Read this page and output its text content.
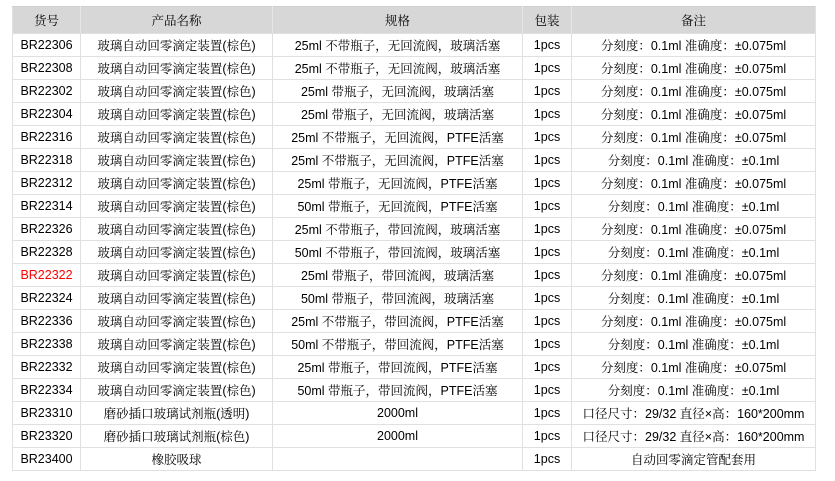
货号	产品名称	规格	包装	备注
BR22306	玻璃自动回零滴定装置(棕色)	25ml 不带瓶子，无回流阀，玻璃活塞	1pcs	分刻度：0.1ml 准确度：±0.075ml
BR22308	玻璃自动回零滴定装置(棕色)	25ml 不带瓶子，无回流阀，玻璃活塞	1pcs	分刻度：0.1ml 准确度：±0.075ml
BR22302	玻璃自动回零滴定装置(棕色)	25ml 带瓶子，无回流阀，玻璃活塞	1pcs	分刻度：0.1ml 准确度：±0.075ml
BR22304	玻璃自动回零滴定装置(棕色)	25ml 带瓶子，无回流阀，玻璃活塞	1pcs	分刻度：0.1ml 准确度：±0.075ml
BR22316	玻璃自动回零滴定装置(棕色)	25ml 不带瓶子，无回流阀，PTFE活塞	1pcs	分刻度：0.1ml 准确度：±0.075ml
BR22318	玻璃自动回零滴定装置(棕色)	25ml 不带瓶子，无回流阀，PTFE活塞	1pcs	分刻度：0.1ml 准确度：±0.1ml
BR22312	玻璃自动回零滴定装置(棕色)	25ml 带瓶子，无回流阀，PTFE活塞	1pcs	分刻度：0.1ml 准确度：±0.075ml
BR22314	玻璃自动回零滴定装置(棕色)	50ml 带瓶子，无回流阀，PTFE活塞	1pcs	分刻度：0.1ml 准确度：±0.1ml
BR22326	玻璃自动回零滴定装置(棕色)	25ml 不带瓶子，带回流阀，玻璃活塞	1pcs	分刻度：0.1ml 准确度：±0.075ml
BR22328	玻璃自动回零滴定装置(棕色)	50ml 不带瓶子，带回流阀，玻璃活塞	1pcs	分刻度：0.1ml 准确度：±0.1ml
BR22322	玻璃自动回零滴定装置(棕色)	25ml 带瓶子，带回流阀，玻璃活塞	1pcs	分刻度：0.1ml 准确度：±0.075ml
BR22324	玻璃自动回零滴定装置(棕色)	50ml 带瓶子，带回流阀，玻璃活塞	1pcs	分刻度：0.1ml 准确度：±0.1ml
BR22336	玻璃自动回零滴定装置(棕色)	25ml 不带瓶子，带回流阀，PTFE活塞	1pcs	分刻度：0.1ml 准确度：±0.075ml
BR22338	玻璃自动回零滴定装置(棕色)	50ml 不带瓶子，带回流阀，PTFE活塞	1pcs	分刻度：0.1ml 准确度：±0.1ml
BR22332	玻璃自动回零滴定装置(棕色)	25ml 带瓶子，带回流阀，PTFE活塞	1pcs	分刻度：0.1ml 准确度：±0.075ml
BR22334	玻璃自动回零滴定装置(棕色)	50ml 带瓶子，带回流阀，PTFE活塞	1pcs	分刻度：0.1ml 准确度：±0.1ml
BR23310	磨砂插口玻璃试剂瓶(透明)	2000ml	1pcs	口径尺寸：29/32 直径×高：160*200mm
BR23320	磨砂插口玻璃试剂瓶(棕色)	2000ml	1pcs	口径尺寸：29/32 直径×高：160*200mm
BR23400	橡胶吸球		1pcs	自动回零滴定管配套用
